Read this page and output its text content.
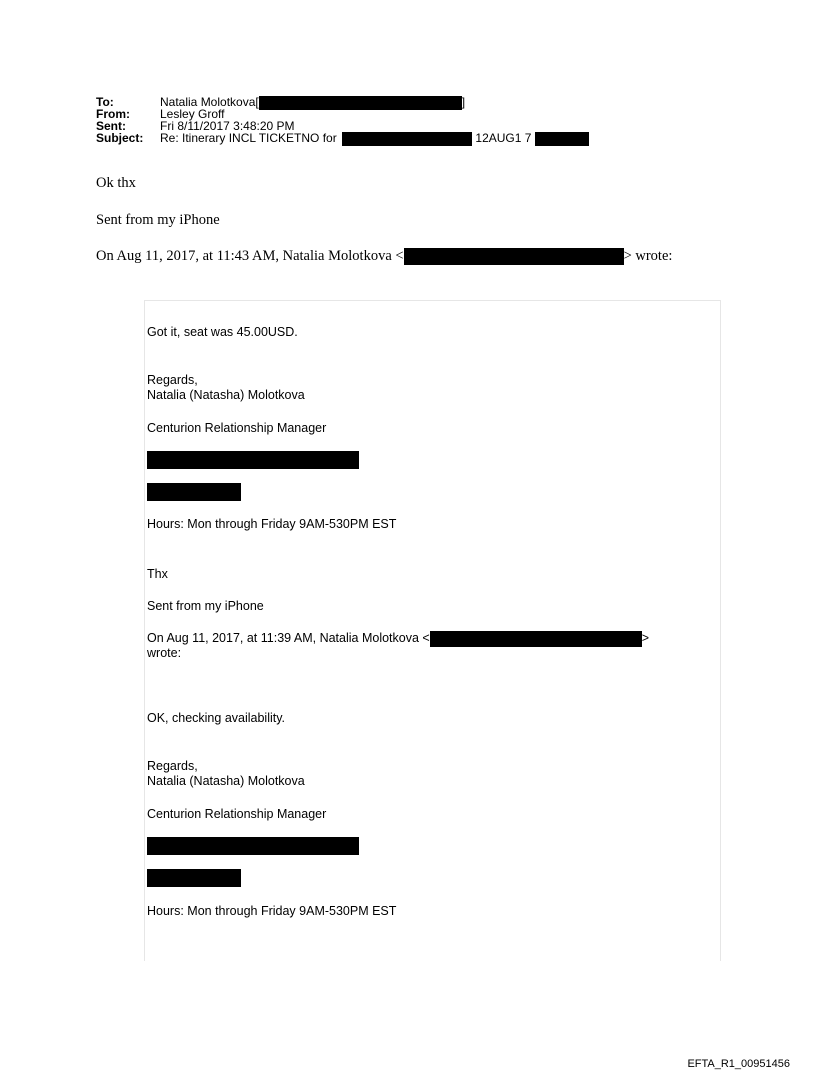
To:	Natalia Molotkova[	]
From:	Lesley Groff
Sent:	Fri 8/11/2017 3:48:20 PM
Subject: Re: Itinerary INCL TICKETNO for	12AUG1 7
Ok thx
Sent from my iPhone
On Aug 11, 2017, at 11:43 AM, Natalia Molotkova <	> wrote:
Got it, seat was 45.00USD.
Regards,
Natalia (Natasha) Molotkova
Centurion Relationship Manager
Hours: Mon through Friday 9AM-530PM EST
Thx
Sent from my iPhone
On Aug 11, 2017, at 11:39 AM, Natalia Molotkova <	>
wrote:
OK, checking availability.
Regards,
Natalia (Natasha) Molotkova
Centurion Relationship Manager
Hours: Mon through Friday 9AM-530PM EST
EFTA_R1_00951456
